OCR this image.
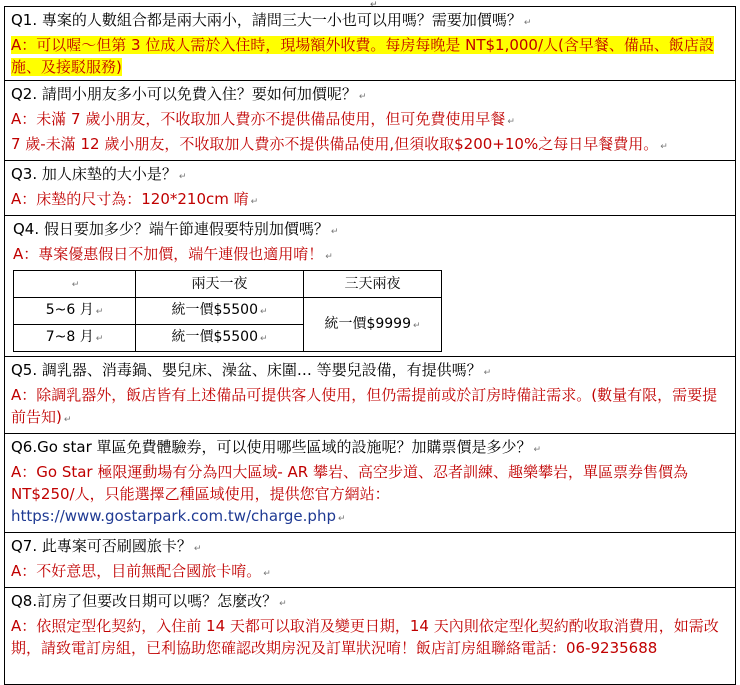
↵
Q1. 專案的人數組合都是兩大兩小，請問三大一小也可以用嗎？需要加價嗎？ ↵
A：可以喔～但第 3 位成人需於入住時，現場額外收費。每房每晚是 NT$1,000/人(含早餐、備品、飯店設施、及接駁服務)

Q2. 請問小朋友多小可以免費入住？要如何加價呢？ ↵
A：未滿 7 歲小朋友，不收取加人費亦不提供備品使用，但可免費使用早餐 ↵
7 歲-未滿 12 歲小朋友，不收取加人費亦不提供備品使用,但須收取$200+10%之每日早餐費用。 ↵

Q3. 加人床墊的大小是？ ↵
A：床墊的尺寸為：120*210cm 唷 ↵

Q4. 假日要加多少？端午節連假要特別加價嗎？ ↵
A：專案優惠假日不加價，端午連假也適用唷！ ↵
↵	兩天一夜	三天兩夜
5~6 月 ↵	統一價$5500 ↵	統一價$9999 ↵
7~8 月 ↵	統一價$5500 ↵

Q5. 調乳器、消毒鍋、嬰兒床、澡盆、床圍… 等嬰兒設備，有提供嗎？ ↵
A：除調乳器外，飯店皆有上述備品可提供客人使用，但仍需提前或於訂房時備註需求。(數量有限，需要提前告知) ↵

Q6.Go star 單區免費體驗券，可以使用哪些區域的設施呢？加購票價是多少？ ↵
A：Go Star 極限運動場有分為四大區域- AR 攀岩、高空步道、忍者訓練、趣樂攀岩，單區票券售價為 NT$250/人，只能選擇乙種區域使用，提供您官方網站：
https://www.gostarpark.com.tw/charge.php ↵

Q7. 此專案可否刷國旅卡？ ↵
A：不好意思，目前無配合國旅卡唷。 ↵

Q8.訂房了但要改日期可以嗎？怎麼改？ ↵
A：依照定型化契約，入住前 14 天都可以取消及變更日期，14 天內則依定型化契約酌收取消費用，如需改期，請致電訂房組，已利協助您確認改期房況及訂單狀況唷！飯店訂房組聯絡電話：06-9235688
